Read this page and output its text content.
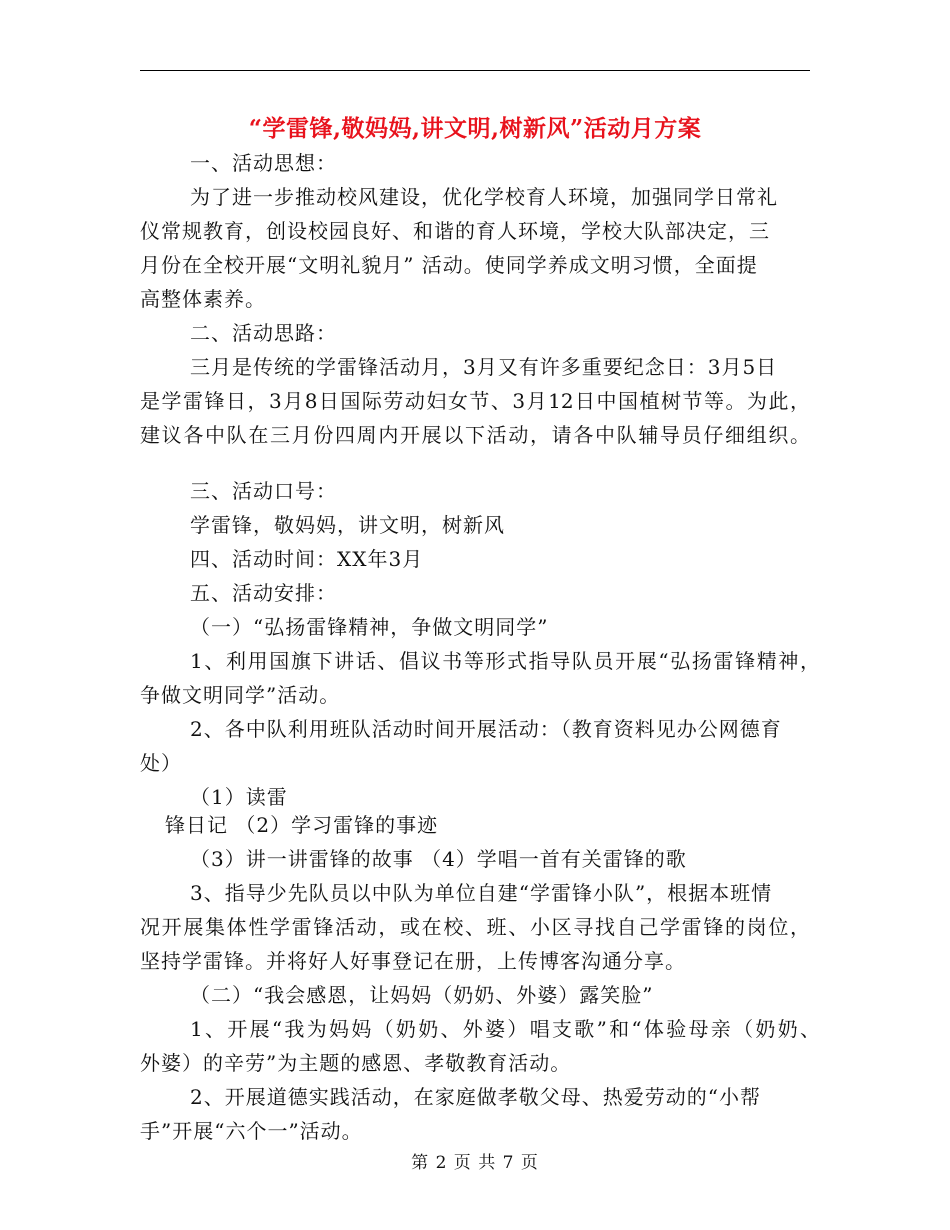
“学雷锋,敬妈妈,讲文明,树新风”活动月方案
一、活动思想：
为了进一步推动校风建设，优化学校育人环境，加强同学日常礼
仪常规教育，创设校园良好、和谐的育人环境，学校大队部决定，三
月份在全校开展“文明礼貌月” 活动。使同学养成文明习惯，全面提
高整体素养。
二、活动思路：
三月是传统的学雷锋活动月，3月又有许多重要纪念日：3月5日
是学雷锋日，3月8日国际劳动妇女节、3月12日中国植树节等。为此，
建议各中队在三月份四周内开展以下活动，请各中队辅导员仔细组织。
三、活动口号：
学雷锋，敬妈妈，讲文明，树新风
四、活动时间：XX年3月
五、活动安排：
（一）“弘扬雷锋精神，争做文明同学”
1、利用国旗下讲话、倡议书等形式指导队员开展“弘扬雷锋精神，
争做文明同学”活动。
2、各中队利用班队活动时间开展活动：（教育资料见办公网德育
处）
（1）读雷
锋日记 （2）学习雷锋的事迹
（3）讲一讲雷锋的故事 （4）学唱一首有关雷锋的歌
3、指导少先队员以中队为单位自建“学雷锋小队”，根据本班情
况开展集体性学雷锋活动，或在校、班、小区寻找自己学雷锋的岗位，
坚持学雷锋。并将好人好事登记在册，上传博客沟通分享。
（二）“我会感恩，让妈妈（奶奶、外婆）露笑脸”
1、开展“我为妈妈（奶奶、外婆）唱支歌”和“体验母亲（奶奶、
外婆）的辛劳”为主题的感恩、孝敬教育活动。
2、开展道德实践活动，在家庭做孝敬父母、热爱劳动的“小帮
手”开展“六个一”活动。
第 2 页 共 7 页
